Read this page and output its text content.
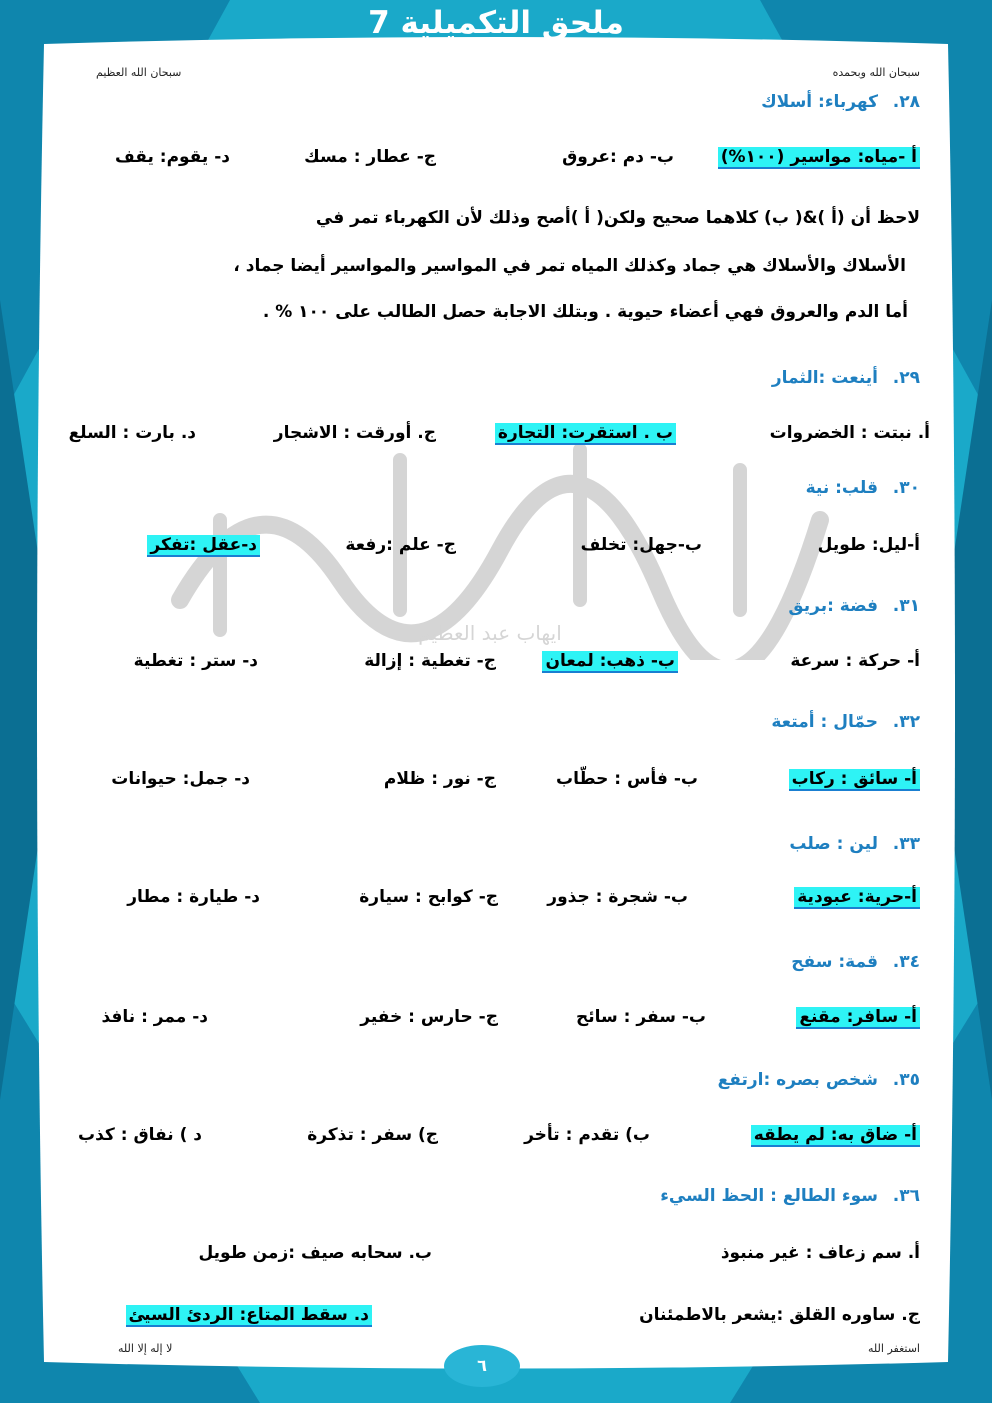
ملحق التكميلية 7
سبحان الله وبحمده
سبحان الله العظيم
ايهاب عبد العظيم
٢٨.كهرباء: أسلاك
أ -مياه: مواسير (١٠٠%)
ب- دم :عروق
ج- عطار : مسك
د- يقوم: يقف
لاحظ أن (أ )&( ب) كلاهما صحيح ولكن( أ )أصح وذلك لأن الكهرباء تمر في
الأسلاك والأسلاك هي جماد وكذلك المياه تمر في المواسير والمواسير أيضا جماد ،
أما الدم والعروق فهي أعضاء حيوية . وبتلك الاجابة حصل الطالب على ١٠٠ % .
٢٩.أينعت :الثمار
أ. نبتت : الخضروات
ب . استقرت: التجارة
ج. أورقت : الاشجار
د. بارت : السلع
٣٠.قلب: نية
أ-ليل: طويل
ب-جهل: تخلف
ج- علم :رفعة
د-عقل :تفكر
٣١.فضة :بريق
أ- حركة : سرعة
ب- ذهب: لمعان
ج- تغطية : إزالة
د- ستر : تغطية
٣٢.حمّال : أمتعة
أ- سائق : ركاب
ب- فأس : حطّاب
ج- نور : ظلام
د- جمل: حيوانات
٣٣.لين : صلب
أ-حرية: عبودية
ب- شجرة : جذور
ج- كوابح : سيارة
د- طيارة : مطار
٣٤.قمة: سفح
أ- سافر: مقنع
ب- سفر : سائح
ج- حارس : خفير
د- ممر : نافذ
٣٥.شخص بصره :ارتفع
أ- ضاق به: لم يطقه
ب) تقدم : تأخر
ج) سفر : تذكرة
د ) نفاق : كذب
٣٦.سوء الطالع : الحظ السيء
أ. سم زعاف : غير منبوذ
ب. سحابه صيف :زمن طويل
ج. ساوره القلق :يشعر بالاطمئنان
د. سقط المتاع: الردئ السيئ
استغفر الله
لا إله إلا الله
٦
